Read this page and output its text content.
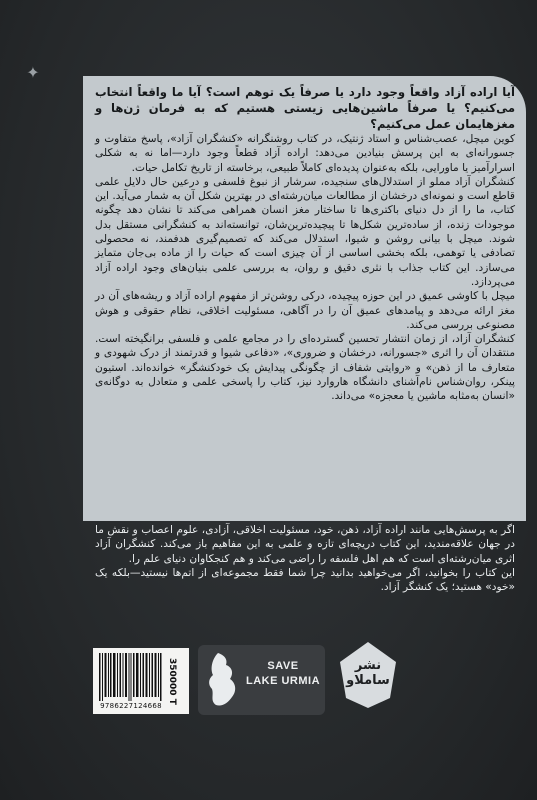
✦

آیا اراده آزاد واقعاً وجود دارد یا صرفاً یک توهم است؟ آیا ما واقعاً انتخاب می‌کنیم؟ یا صرفاً ماشین‌هایی زیستی هستیم که به فرمان ژن‌ها و مغزهایمان عمل می‌کنیم؟

کوین میچل، عصب‌شناس و استاد ژنتیک، در کتاب روشنگرانه «کنشگران آزاد»، پاسخ متفاوت و جسورانه‌ای به این پرسش بنیادین می‌دهد: اراده آزاد قطعاً وجود دارد—اما نه به شکلی اسرارآمیز یا ماورایی، بلکه به‌عنوان پدیده‌ای کاملاً طبیعی، برخاسته از تاریخ تکامل حیات.

کنشگران آزاد مملو از استدلال‌های سنجیده، سرشار از نبوغ فلسفی و درعین حال دلایل علمی قاطع است و نمونه‌ای درخشان از مطالعات میان‌رشته‌ای در بهترین شکل آن به شمار می‌آید. این کتاب، ما را از دل دنیای باکتری‌ها تا ساختار مغز انسان همراهی می‌کند تا نشان دهد چگونه موجودات زنده، از ساده‌ترین شکل‌ها تا پیچیده‌ترین‌شان، توانسته‌اند به کنشگرانی مستقل بدل شوند. میچل با بیانی روشن و شیوا، استدلال می‌کند که تصمیم‌گیری هدفمند، نه محصولی تصادفی یا توهمی، بلکه بخشی اساسی از آن چیزی است که حیات را از ماده بی‌جان متمایز می‌سازد. این کتاب جذاب با نثری دقیق و روان، به بررسی علمی بنیان‌های وجود اراده آزاد می‌پردازد.

میچل با کاوشی عمیق در این حوزه پیچیده، درکی روشن‌تر از مفهوم اراده آزاد و ریشه‌های آن در مغز ارائه می‌دهد و پیامدهای عمیق آن را در آگاهی، مسئولیت اخلاقی، نظام حقوقی و هوش مصنوعی بررسی می‌کند.

کنشگران آزاد، از زمان انتشار تحسین گسترده‌ای را در مجامع علمی و فلسفی برانگیخته است. منتقدان آن را اثری «جسورانه، درخشان و ضروری»، «دفاعی شیوا و قدرتمند از درک شهودی و متعارف ما از ذهن» و «روایتی شفاف از چگونگی پیدایش یک خودکنشگر» خوانده‌اند. استیون پینکر، روان‌شناس نام‌آشنای دانشگاه هاروارد نیز، کتاب را پاسخی علمی و متعادل به دوگانه‌ی «انسان به‌مثابه ماشین یا معجزه» می‌داند.

اگر به پرسش‌هایی مانند اراده آزاد، ذهن، خود، مسئولیت اخلاقی، آزادی، علوم اعصاب و نقش ما در جهان علاقه‌مندید، این کتاب دریچه‌ای تازه و علمی به این مفاهیم باز می‌کند. کنشگران آزاد اثری میان‌رشته‌ای است که هم اهل فلسفه را راضی می‌کند و هم کنجکاوان دنیای علم را.

این کتاب را بخوانید، اگر می‌خواهید بدانید چرا شما فقط مجموعه‌ای از اتم‌ها نیستید—بلکه یک «خود» هستید؛ یک کنشگر آزاد.

9786227124668
350000 T	SAVE
LAKE URMIA
نشر ساملاو
